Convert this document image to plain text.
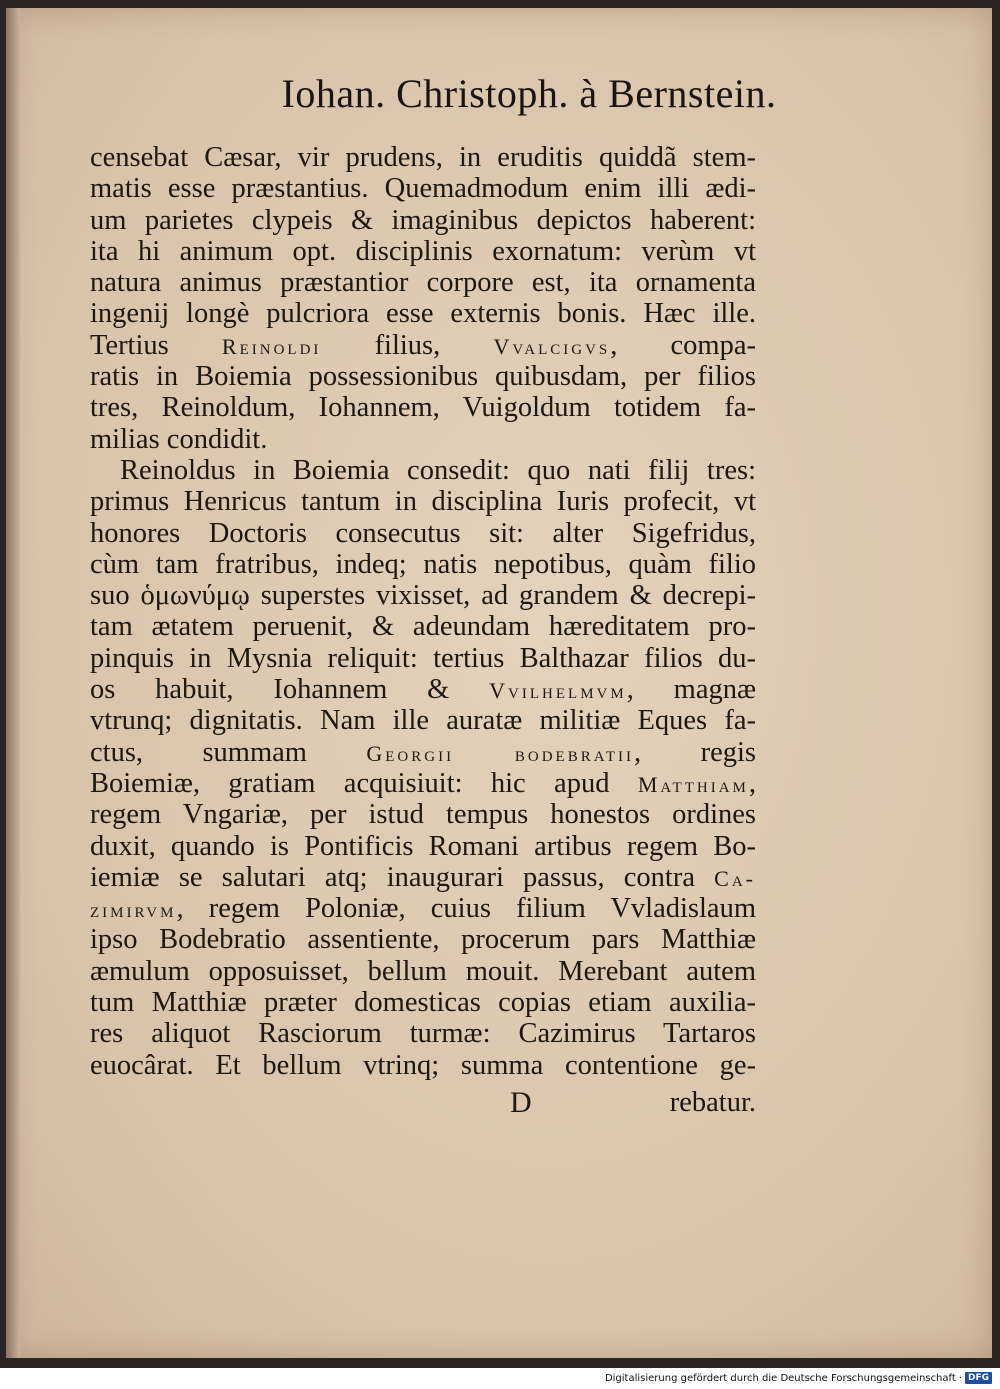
Iohan. Christoph. à Bernstein.
censebat Cæsar, vir prudens, in eruditis quiddã stem-
matis esse præstantius. Quemadmodum enim illi ædi-
um parietes clypeis & imaginibus depictos haberent:
ita hi animum opt. disciplinis exornatum: verùm vt
natura animus præstantior corpore est, ita ornamenta
ingenij longè pulcriora esse externis bonis. Hæc ille.
Tertius Reinoldi filius, Vvalcigvs, compa-
ratis in Boiemia possessionibus quibusdam, per filios
tres, Reinoldum, Iohannem, Vuigoldum totidem fa-
milias condidit.
Reinoldus in Boiemia consedit: quo nati filij tres:
primus Henricus tantum in disciplina Iuris profecit, vt
honores Doctoris consecutus sit: alter Sigefridus,
cùm tam fratribus, indeq; natis nepotibus, quàm filio
suo ὁμωνύμῳ superstes vixisset, ad grandem & decrepi-
tam ætatem peruenit, & adeundam hæreditatem pro-
pinquis in Mysnia reliquit: tertius Balthazar filios du-
os habuit, Iohannem & Vvilhelmvm, magnæ
vtrunq; dignitatis. Nam ille auratæ militiæ Eques fa-
ctus, summam Georgii bodebratii, regis
Boiemiæ, gratiam acquisiuit: hic apud Matthiam,
regem Vngariæ, per istud tempus honestos ordines
duxit, quando is Pontificis Romani artibus regem Bo-
iemiæ se salutari atq; inaugurari passus, contra Ca-
zimirvm, regem Poloniæ, cuius filium Vvladislaum
ipso Bodebratio assentiente, procerum pars Matthiæ
æmulum opposuisset, bellum mouit. Merebant autem
tum Matthiæ præter domesticas copias etiam auxilia-
res aliquot Rasciorum turmæ: Cazimirus Tartaros
euocârat. Et bellum vtrinq; summa contentione ge-
D	rebatur.
Digitalisierung gefördert durch die Deutsche Forschungsgemeinschaft · DFG
